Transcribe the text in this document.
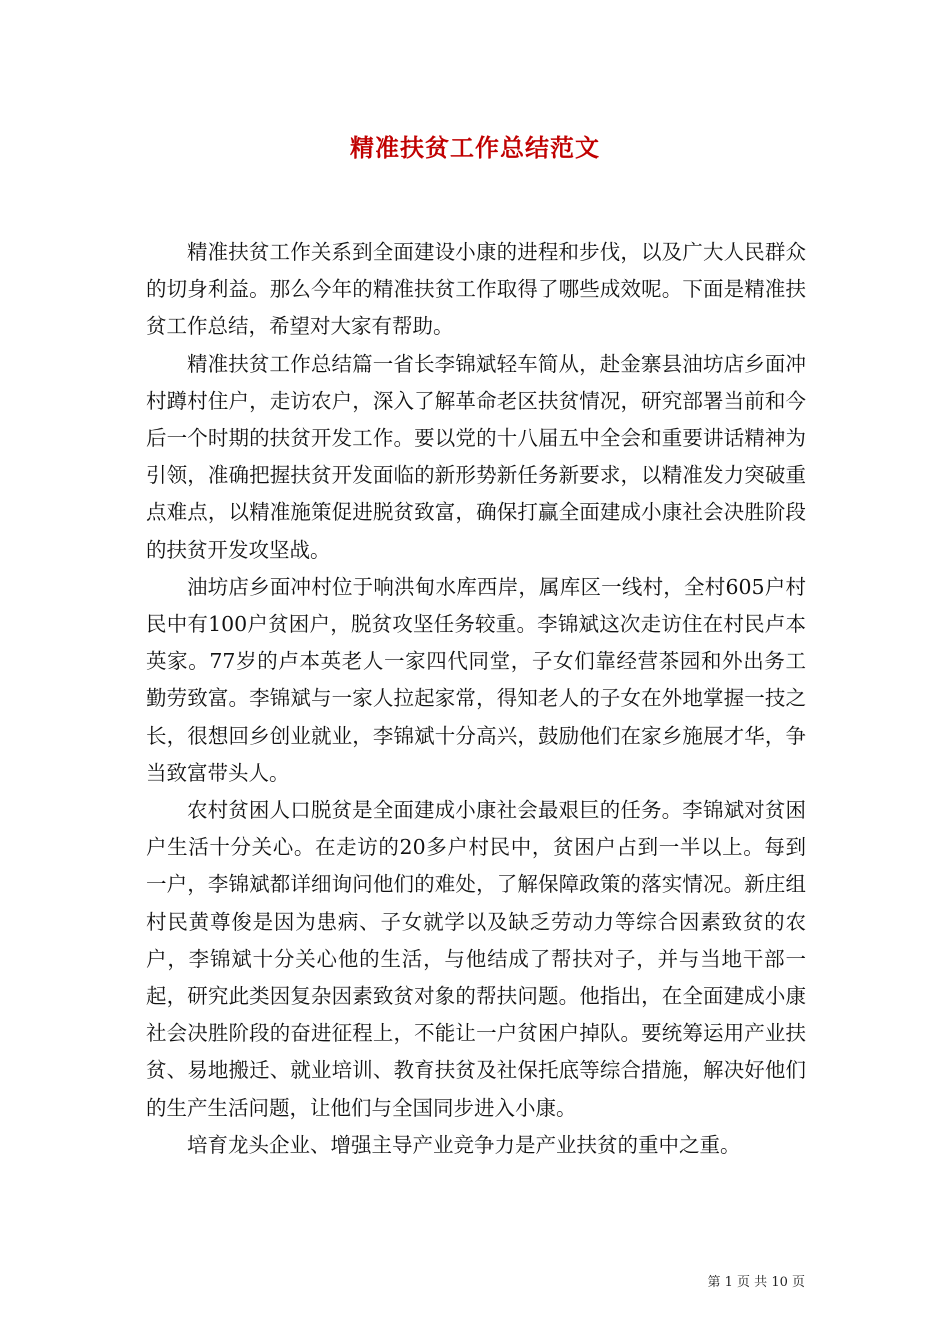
精准扶贫工作总结范文

精准扶贫工作关系到全面建设小康的进程和步伐，以及广大人民群众的切身利益。那么今年的精准扶贫工作取得了哪些成效呢。下面是精准扶贫工作总结，希望对大家有帮助。

精准扶贫工作总结篇一省长李锦斌轻车简从，赴金寨县油坊店乡面冲村蹲村住户，走访农户，深入了解革命老区扶贫情况，研究部署当前和今后一个时期的扶贫开发工作。要以党的十八届五中全会和重要讲话精神为引领，准确把握扶贫开发面临的新形势新任务新要求，以精准发力突破重点难点，以精准施策促进脱贫致富，确保打赢全面建成小康社会决胜阶段的扶贫开发攻坚战。

油坊店乡面冲村位于响洪甸水库西岸，属库区一线村，全村605户村民中有100户贫困户，脱贫攻坚任务较重。李锦斌这次走访住在村民卢本英家。77岁的卢本英老人一家四代同堂，子女们靠经营茶园和外出务工勤劳致富。李锦斌与一家人拉起家常，得知老人的子女在外地掌握一技之长，很想回乡创业就业，李锦斌十分高兴，鼓励他们在家乡施展才华，争当致富带头人。

农村贫困人口脱贫是全面建成小康社会最艰巨的任务。李锦斌对贫困户生活十分关心。在走访的20多户村民中，贫困户占到一半以上。每到一户，李锦斌都详细询问他们的难处，了解保障政策的落实情况。新庄组村民黄尊俊是因为患病、子女就学以及缺乏劳动力等综合因素致贫的农户，李锦斌十分关心他的生活，与他结成了帮扶对子，并与当地干部一起，研究此类因复杂因素致贫对象的帮扶问题。他指出，在全面建成小康社会决胜阶段的奋进征程上，不能让一户贫困户掉队。要统筹运用产业扶贫、易地搬迁、就业培训、教育扶贫及社保托底等综合措施，解决好他们的生产生活问题，让他们与全国同步进入小康。

培育龙头企业、增强主导产业竞争力是产业扶贫的重中之重。

第 1 页 共 10 页
